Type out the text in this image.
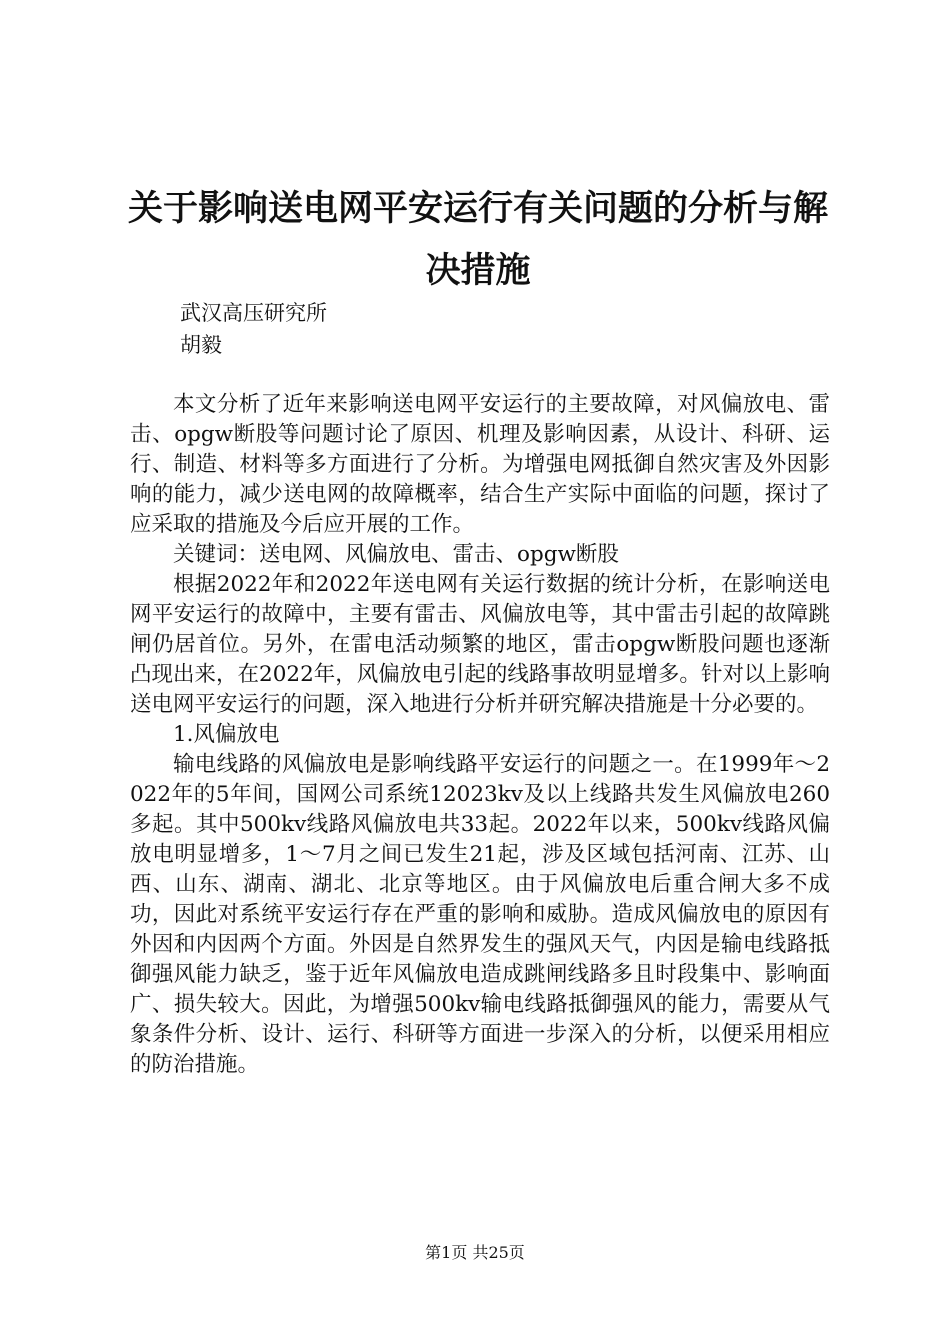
关于影响送电网平安运行有关问题的分析与解决措施

武汉高压研究所

胡毅

本文分析了近年来影响送电网平安运行的主要故障，对风偏放电、雷击、opgw断股等问题讨论了原因、机理及影响因素，从设计、科研、运行、制造、材料等多方面进行了分析。为增强电网抵御自然灾害及外因影响的能力，减少送电网的故障概率，结合生产实际中面临的问题，探讨了应采取的措施及今后应开展的工作。

关键词：送电网、风偏放电、雷击、opgw断股

根据2022年和2022年送电网有关运行数据的统计分析，在影响送电网平安运行的故障中，主要有雷击、风偏放电等，其中雷击引起的故障跳闸仍居首位。另外，在雷电活动频繁的地区，雷击opgw断股问题也逐渐凸现出来，在2022年，风偏放电引起的线路事故明显增多。针对以上影响送电网平安运行的问题，深入地进行分析并研究解决措施是十分必要的。

1.风偏放电

输电线路的风偏放电是影响线路平安运行的问题之一。在1999年～2022年的5年间，国网公司系统12023kv及以上线路共发生风偏放电260多起。其中500kv线路风偏放电共33起。2022年以来，500kv线路风偏放电明显增多，1～7月之间已发生21起，涉及区域包括河南、江苏、山西、山东、湖南、湖北、北京等地区。由于风偏放电后重合闸大多不成功，因此对系统平安运行存在严重的影响和威胁。造成风偏放电的原因有外因和内因两个方面。外因是自然界发生的强风天气，内因是输电线路抵御强风能力缺乏，鉴于近年风偏放电造成跳闸线路多且时段集中、影响面广、损失较大。因此，为增强500kv输电线路抵御强风的能力，需要从气象条件分析、设计、运行、科研等方面进一步深入的分析，以便采用相应的防治措施。

第1页 共25页
